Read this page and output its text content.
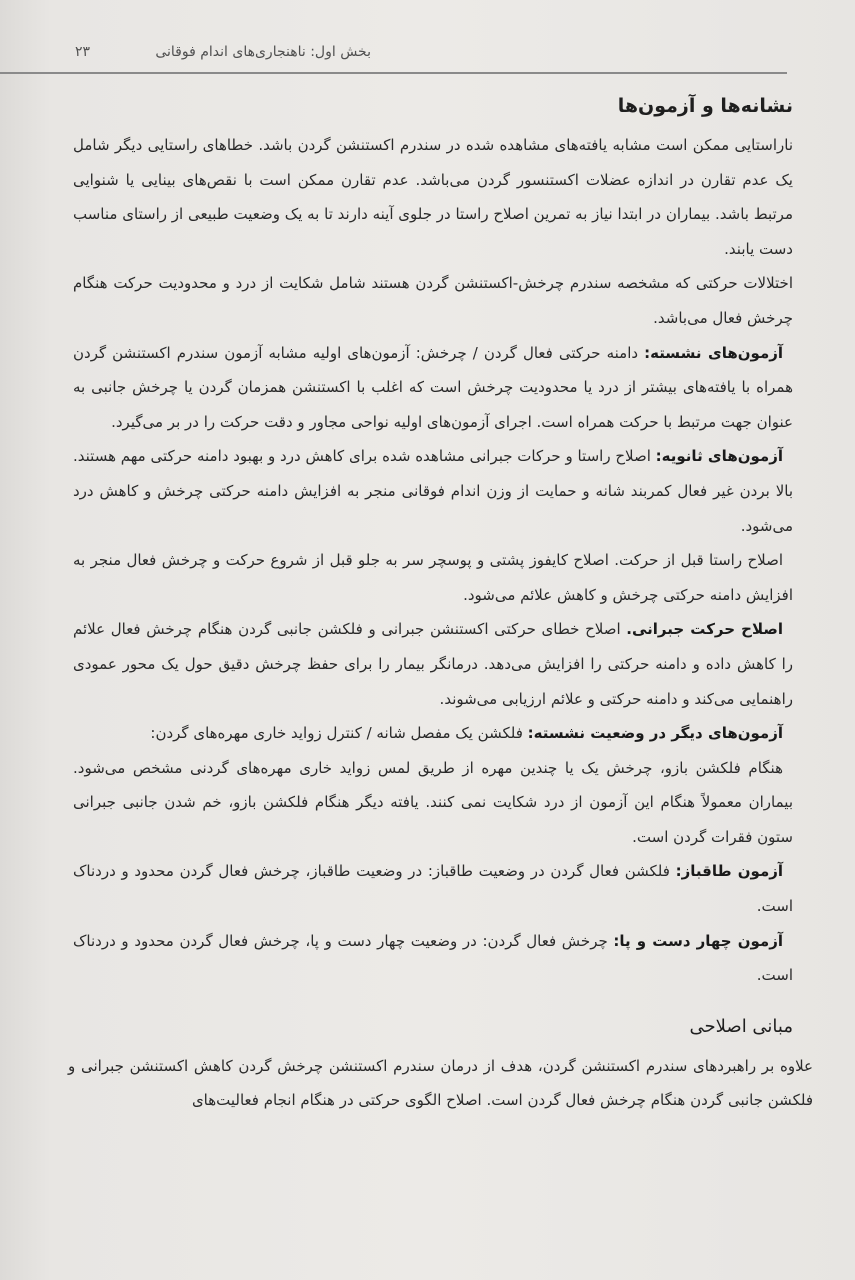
بخش اول: ناهنجاری‌های اندام فوقانی
۲۳
نشانه‌ها و آزمون‌ها

ناراستایی ممکن است مشابه یافته‌های مشاهده شده در سندرم اکستنشن گردن باشد. خطاهای راستایی دیگر شامل یک عدم تقارن در اندازه عضلات اکستنسور گردن می‌باشد. عدم تقارن ممکن است با نقص‌های بینایی یا شنوایی مرتبط باشد. بیماران در ابتدا نیاز به تمرین اصلاح راستا در جلوی آینه دارند تا به یک وضعیت طبیعی از راستای مناسب دست یابند.

اختلالات حرکتی که مشخصه سندرم چرخش-اکستنشن گردن هستند شامل شکایت از درد و محدودیت حرکت هنگام چرخش فعال می‌باشد.

آزمون‌های نشسته: دامنه حرکتی فعال گردن / چرخش: آزمون‌های اولیه مشابه آزمون سندرم اکستنشن گردن همراه با یافته‌های بیشتر از درد یا محدودیت چرخش است که اغلب با اکستنشن همزمان گردن یا چرخش جانبی به عنوان جهت مرتبط با حرکت همراه است. اجرای آزمون‌های اولیه نواحی مجاور و دقت حرکت را در بر می‌گیرد.

آزمون‌های ثانویه: اصلاح راستا و حرکات جبرانی مشاهده شده برای کاهش درد و بهبود دامنه حرکتی مهم هستند. بالا بردن غیر فعال کمربند شانه و حمایت از وزن اندام فوقانی منجر به افزایش دامنه حرکتی چرخش و کاهش درد می‌شود.

اصلاح راستا قبل از حرکت. اصلاح کایفوز پشتی و پوسچر سر به جلو قبل از شروع حرکت و چرخش فعال منجر به افزایش دامنه حرکتی چرخش و کاهش علائم می‌شود.

اصلاح حرکت جبرانی. اصلاح خطای حرکتی اکستنشن جبرانی و فلکشن جانبی گردن هنگام چرخش فعال علائم را کاهش داده و دامنه حرکتی را افزایش می‌دهد. درمانگر بیمار را برای حفظ چرخش دقیق حول یک محور عمودی راهنمایی می‌کند و دامنه حرکتی و علائم ارزیابی می‌شوند.

آزمون‌های دیگر در وضعیت نشسته: فلکشن یک مفصل شانه / کنترل زواید خاری مهره‌های گردن:

هنگام فلکشن بازو، چرخش یک یا چندین مهره از طریق لمس زواید خاری مهره‌های گردنی مشخص می‌شود. بیماران معمولاً هنگام این آزمون از درد شکایت نمی کنند. یافته دیگر هنگام فلکشن بازو، خم شدن جانبی جبرانی ستون فقرات گردن است.

آزمون طاقباز: فلکشن فعال گردن در وضعیت طاقباز: در وضعیت طاقباز، چرخش فعال گردن محدود و دردناک است.

آزمون چهار دست و پا: چرخش فعال گردن: در وضعیت چهار دست و پا، چرخش فعال گردن محدود و دردناک است.

مبانی اصلاحی

علاوه بر راهبردهای سندرم اکستنشن گردن، هدف از درمان سندرم اکستنشن چرخش گردن کاهش اکستنشن جبرانی و فلکشن جانبی گردن هنگام چرخش فعال گردن است. اصلاح الگوی حرکتی در هنگام انجام فعالیت‌های
